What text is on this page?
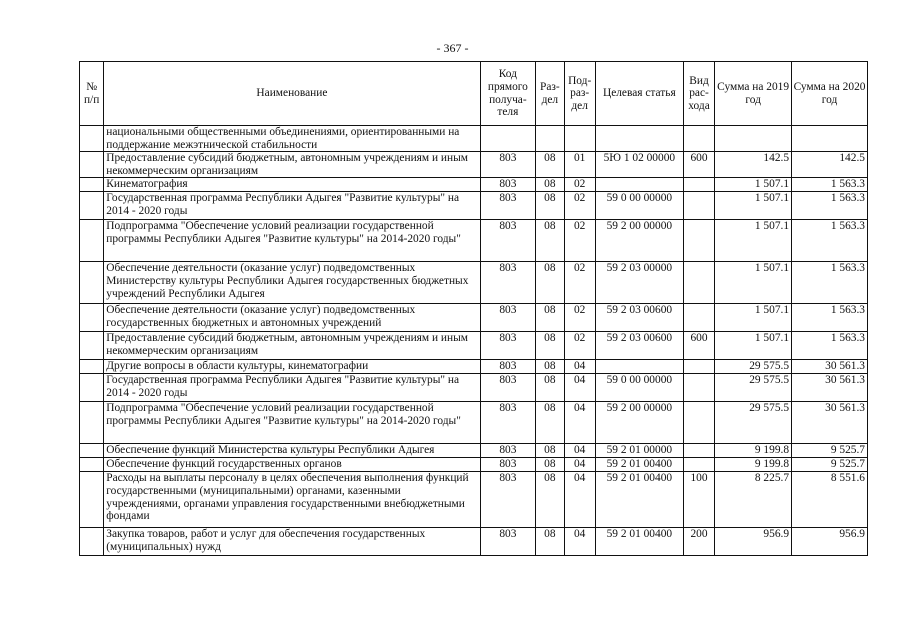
- 367 -
№ п/п	Наименование	Код прямого получа-теля	Раз-дел	Под-раз-дел	Целевая статья	Вид рас-хода	Сумма на 2019 год	Сумма на 2020 год
	национальными общественными объединениями, ориентированными на поддержание межэтнической стабильности							
	Предоставление субсидий бюджетным, автономным учреждениям и иным некоммерческим организациям	803	08	01	5Ю 1 02 00000	600	142.5	142.5
	Кинематография	803	08	02			1 507.1	1 563.3
	Государственная программа Республики Адыгея "Развитие культуры" на 2014 - 2020 годы	803	08	02	59 0 00 00000		1 507.1	1 563.3
	Подпрограмма "Обеспечение условий реализации государственной программы Республики Адыгея "Развитие культуры" на 2014-2020 годы"	803	08	02	59 2 00 00000		1 507.1	1 563.3
	Обеспечение деятельности (оказание услуг) подведомственных Министерству культуры Республики Адыгея государственных бюджетных учреждений Республики Адыгея	803	08	02	59 2 03 00000		1 507.1	1 563.3
	Обеспечение деятельности (оказание услуг) подведомственных государственных бюджетных и автономных учреждений	803	08	02	59 2 03 00600		1 507.1	1 563.3
	Предоставление субсидий бюджетным, автономным учреждениям и иным некоммерческим организациям	803	08	02	59 2 03 00600	600	1 507.1	1 563.3
	Другие вопросы в области культуры, кинематографии	803	08	04			29 575.5	30 561.3
	Государственная программа Республики Адыгея "Развитие культуры" на 2014 - 2020 годы	803	08	04	59 0 00 00000		29 575.5	30 561.3
	Подпрограмма "Обеспечение условий реализации государственной программы Республики Адыгея "Развитие культуры" на 2014-2020 годы"	803	08	04	59 2 00 00000		29 575.5	30 561.3
	Обеспечение функций Министерства культуры Республики Адыгея	803	08	04	59 2 01 00000		9 199.8	9 525.7
	Обеспечение функций государственных органов	803	08	04	59 2 01 00400		9 199.8	9 525.7
	Расходы на выплаты персоналу в целях обеспечения выполнения функций государственными (муниципальными) органами, казенными учреждениями, органами управления государственными внебюджетными фондами	803	08	04	59 2 01 00400	100	8 225.7	8 551.6
	Закупка товаров, работ и услуг для обеспечения государственных (муниципальных) нужд	803	08	04	59 2 01 00400	200	956.9	956.9
